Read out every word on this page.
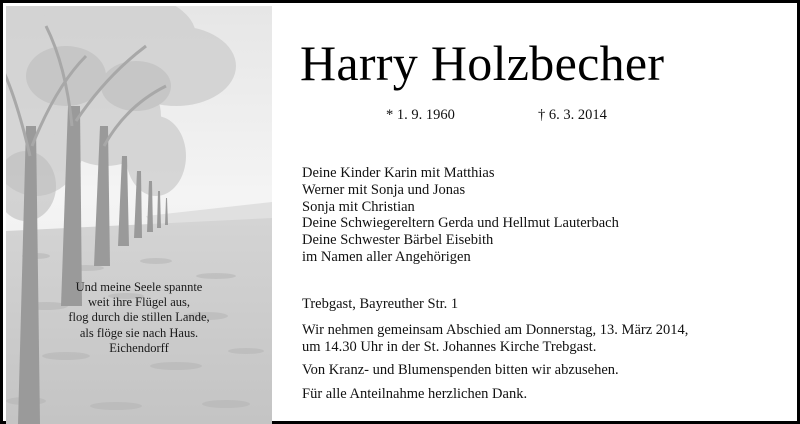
Und meine Seele spannte
weit ihre Flügel aus,
flog durch die stillen Lande,
als flöge sie nach Haus.
Eichendorff
Harry Holzbecher
* 1. 9. 1960	† 6. 3. 2014
Deine Kinder Karin mit Matthias
Werner mit Sonja und Jonas
Sonja mit Christian
Deine Schwiegereltern Gerda und Hellmut Lauterbach
Deine Schwester Bärbel Eisebith
im Namen aller Angehörigen
Trebgast, Bayreuther Str. 1
Wir nehmen gemeinsam Abschied am Donnerstag, 13. März 2014,
um 14.30 Uhr in der St. Johannes Kirche Trebgast.
Von Kranz- und Blumenspenden bitten wir abzusehen.
Für alle Anteilnahme herzlichen Dank.
